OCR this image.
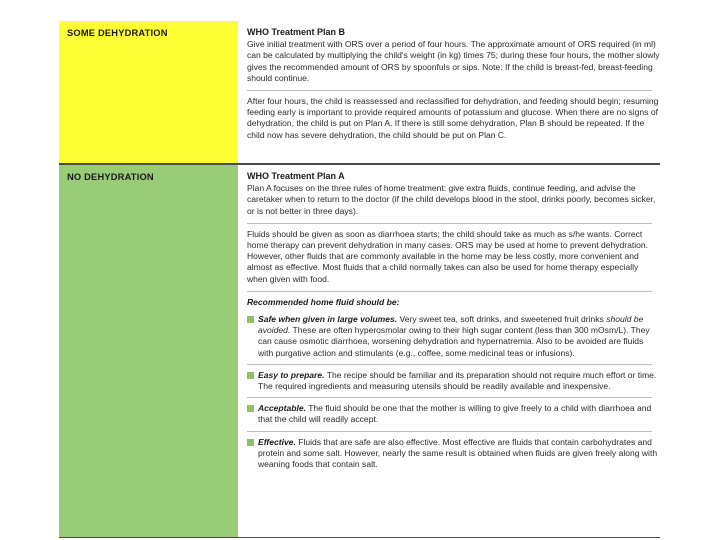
SOME DEHYDRATION	WHO Treatment Plan B

Give initial treatment with ORS over a period of four hours. The approximate amount of ORS required (in ml) can be calculated by multiplying the child's weight (in kg) times 75; during these four hours, the mother slowly gives the recommended amount of ORS by spoonfuls or sips. Note: If the child is breast-fed, breast-feeding should continue.

After four hours, the child is reassessed and reclassified for dehydration, and feeding should begin; resuming feeding early is important to provide required amounts of potassium and glucose. When there are no signs of dehydration, the child is put on Plan A. If there is still some dehydration, Plan B should be repeated. If the child now has severe dehydration, the child should be put on Plan C.

NO DEHYDRATION	WHO Treatment Plan A

Plan A focuses on the three rules of home treatment: give extra fluids, continue feeding, and advise the caretaker when to return to the doctor (if the child develops blood in the stool, drinks poorly, becomes sicker, or is not better in three days).

Fluids should be given as soon as diarrhoea starts; the child should take as much as s/he wants. Correct home therapy can prevent dehydration in many cases. ORS may be used at home to prevent dehydration. However, other fluids that are commonly available in the home may be less costly, more convenient and almost as effective. Most fluids that a child normally takes can also be used for home therapy especially when given with food.

Recommended home fluid should be:
Safe when given in large volumes. Very sweet tea, soft drinks, and sweetened fruit drinks should be avoided. These are often hyperosmolar owing to their high sugar content (less than 300 mOsm/L). They can cause osmotic diarrhoea, worsening dehydration and hypernatremia. Also to be avoided are fluids with purgative action and stimulants (e.g., coffee, some medicinal teas or infusions).
Easy to prepare. The recipe should be familiar and its preparation should not require much effort or time. The required ingredients and measuring utensils should be readily available and inexpensive.
Acceptable. The fluid should be one that the mother is willing to give freely to a child with diarrhoea and that the child will readily accept.
Effective. Fluids that are safe are also effective. Most effective are fluids that contain carbohydrates and protein and some salt. However, nearly the same result is obtained when fluids are given freely along with weaning foods that contain salt.
